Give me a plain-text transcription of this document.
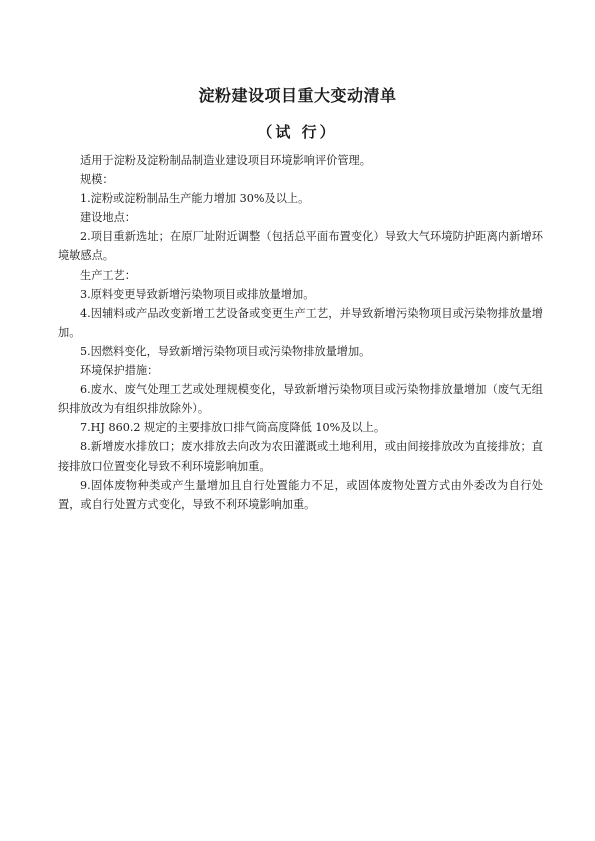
淀粉建设项目重大变动清单
（试 行）

适用于淀粉及淀粉制品制造业建设项目环境影响评价管理。

规模：

1.淀粉或淀粉制品生产能力增加 30%及以上。

建设地点：

2.项目重新选址；在原厂址附近调整（包括总平面布置变化）导致大气环境防护距离内新增环境敏感点。

生产工艺：

3.原料变更导致新增污染物项目或排放量增加。

4.因辅料或产品改变新增工艺设备或变更生产工艺，并导致新增污染物项目或污染物排放量增加。

5.因燃料变化，导致新增污染物项目或污染物排放量增加。

环境保护措施：

6.废水、废气处理工艺或处理规模变化，导致新增污染物项目或污染物排放量增加（废气无组织排放改为有组织排放除外）。

7.HJ 860.2 规定的主要排放口排气筒高度降低 10%及以上。

8.新增废水排放口；废水排放去向改为农田灌溉或土地利用，或由间接排放改为直接排放；直接排放口位置变化导致不利环境影响加重。

9.固体废物种类或产生量增加且自行处置能力不足，或固体废物处置方式由外委改为自行处置，或自行处置方式变化，导致不利环境影响加重。
